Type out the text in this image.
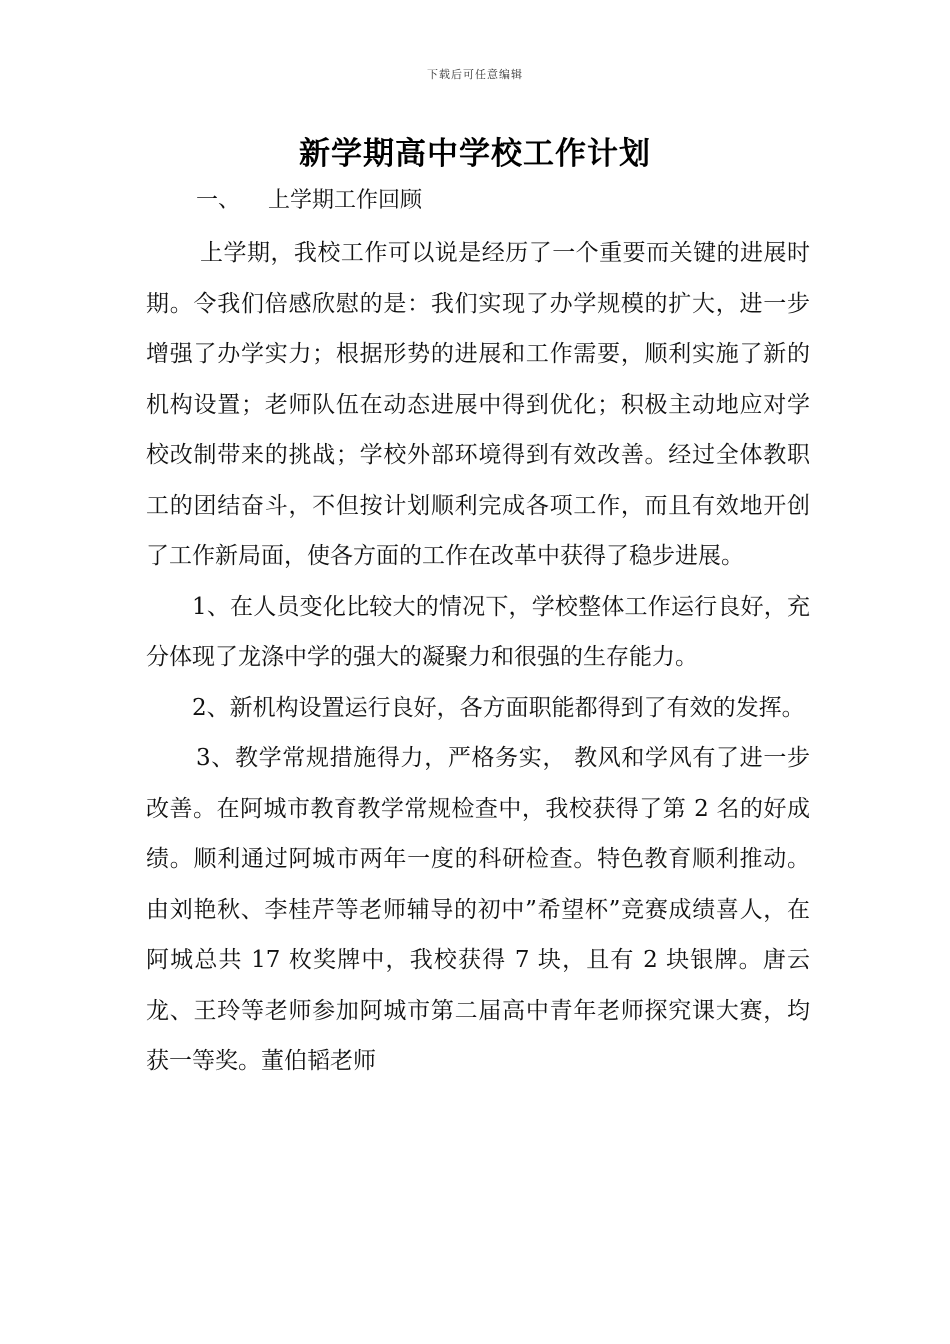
下载后可任意编辑
新学期高中学校工作计划
一、 上学期工作回顾

上学期，我校工作可以说是经历了一个重要而关键的进展时期。令我们倍感欣慰的是：我们实现了办学规模的扩大，进一步增强了办学实力；根据形势的进展和工作需要，顺利实施了新的机构设置；老师队伍在动态进展中得到优化；积极主动地应对学校改制带来的挑战；学校外部环境得到有效改善。经过全体教职工的团结奋斗，不但按计划顺利完成各项工作，而且有效地开创了工作新局面，使各方面的工作在改革中获得了稳步进展。

1、在人员变化比较大的情况下，学校整体工作运行良好，充分体现了龙涤中学的强大的凝聚力和很强的生存能力。

2、新机构设置运行良好，各方面职能都得到了有效的发挥。

3、教学常规措施得力，严格务实， 教风和学风有了进一步改善。在阿城市教育教学常规检查中，我校获得了第 2 名的好成绩。顺利通过阿城市两年一度的科研检查。特色教育顺利推动。由刘艳秋、李桂芹等老师辅导的初中”希望杯”竞赛成绩喜人，在阿城总共 17 枚奖牌中，我校获得 7 块，且有 2 块银牌。唐云龙、王玲等老师参加阿城市第二届高中青年老师探究课大赛，均获一等奖。董伯韬老师
